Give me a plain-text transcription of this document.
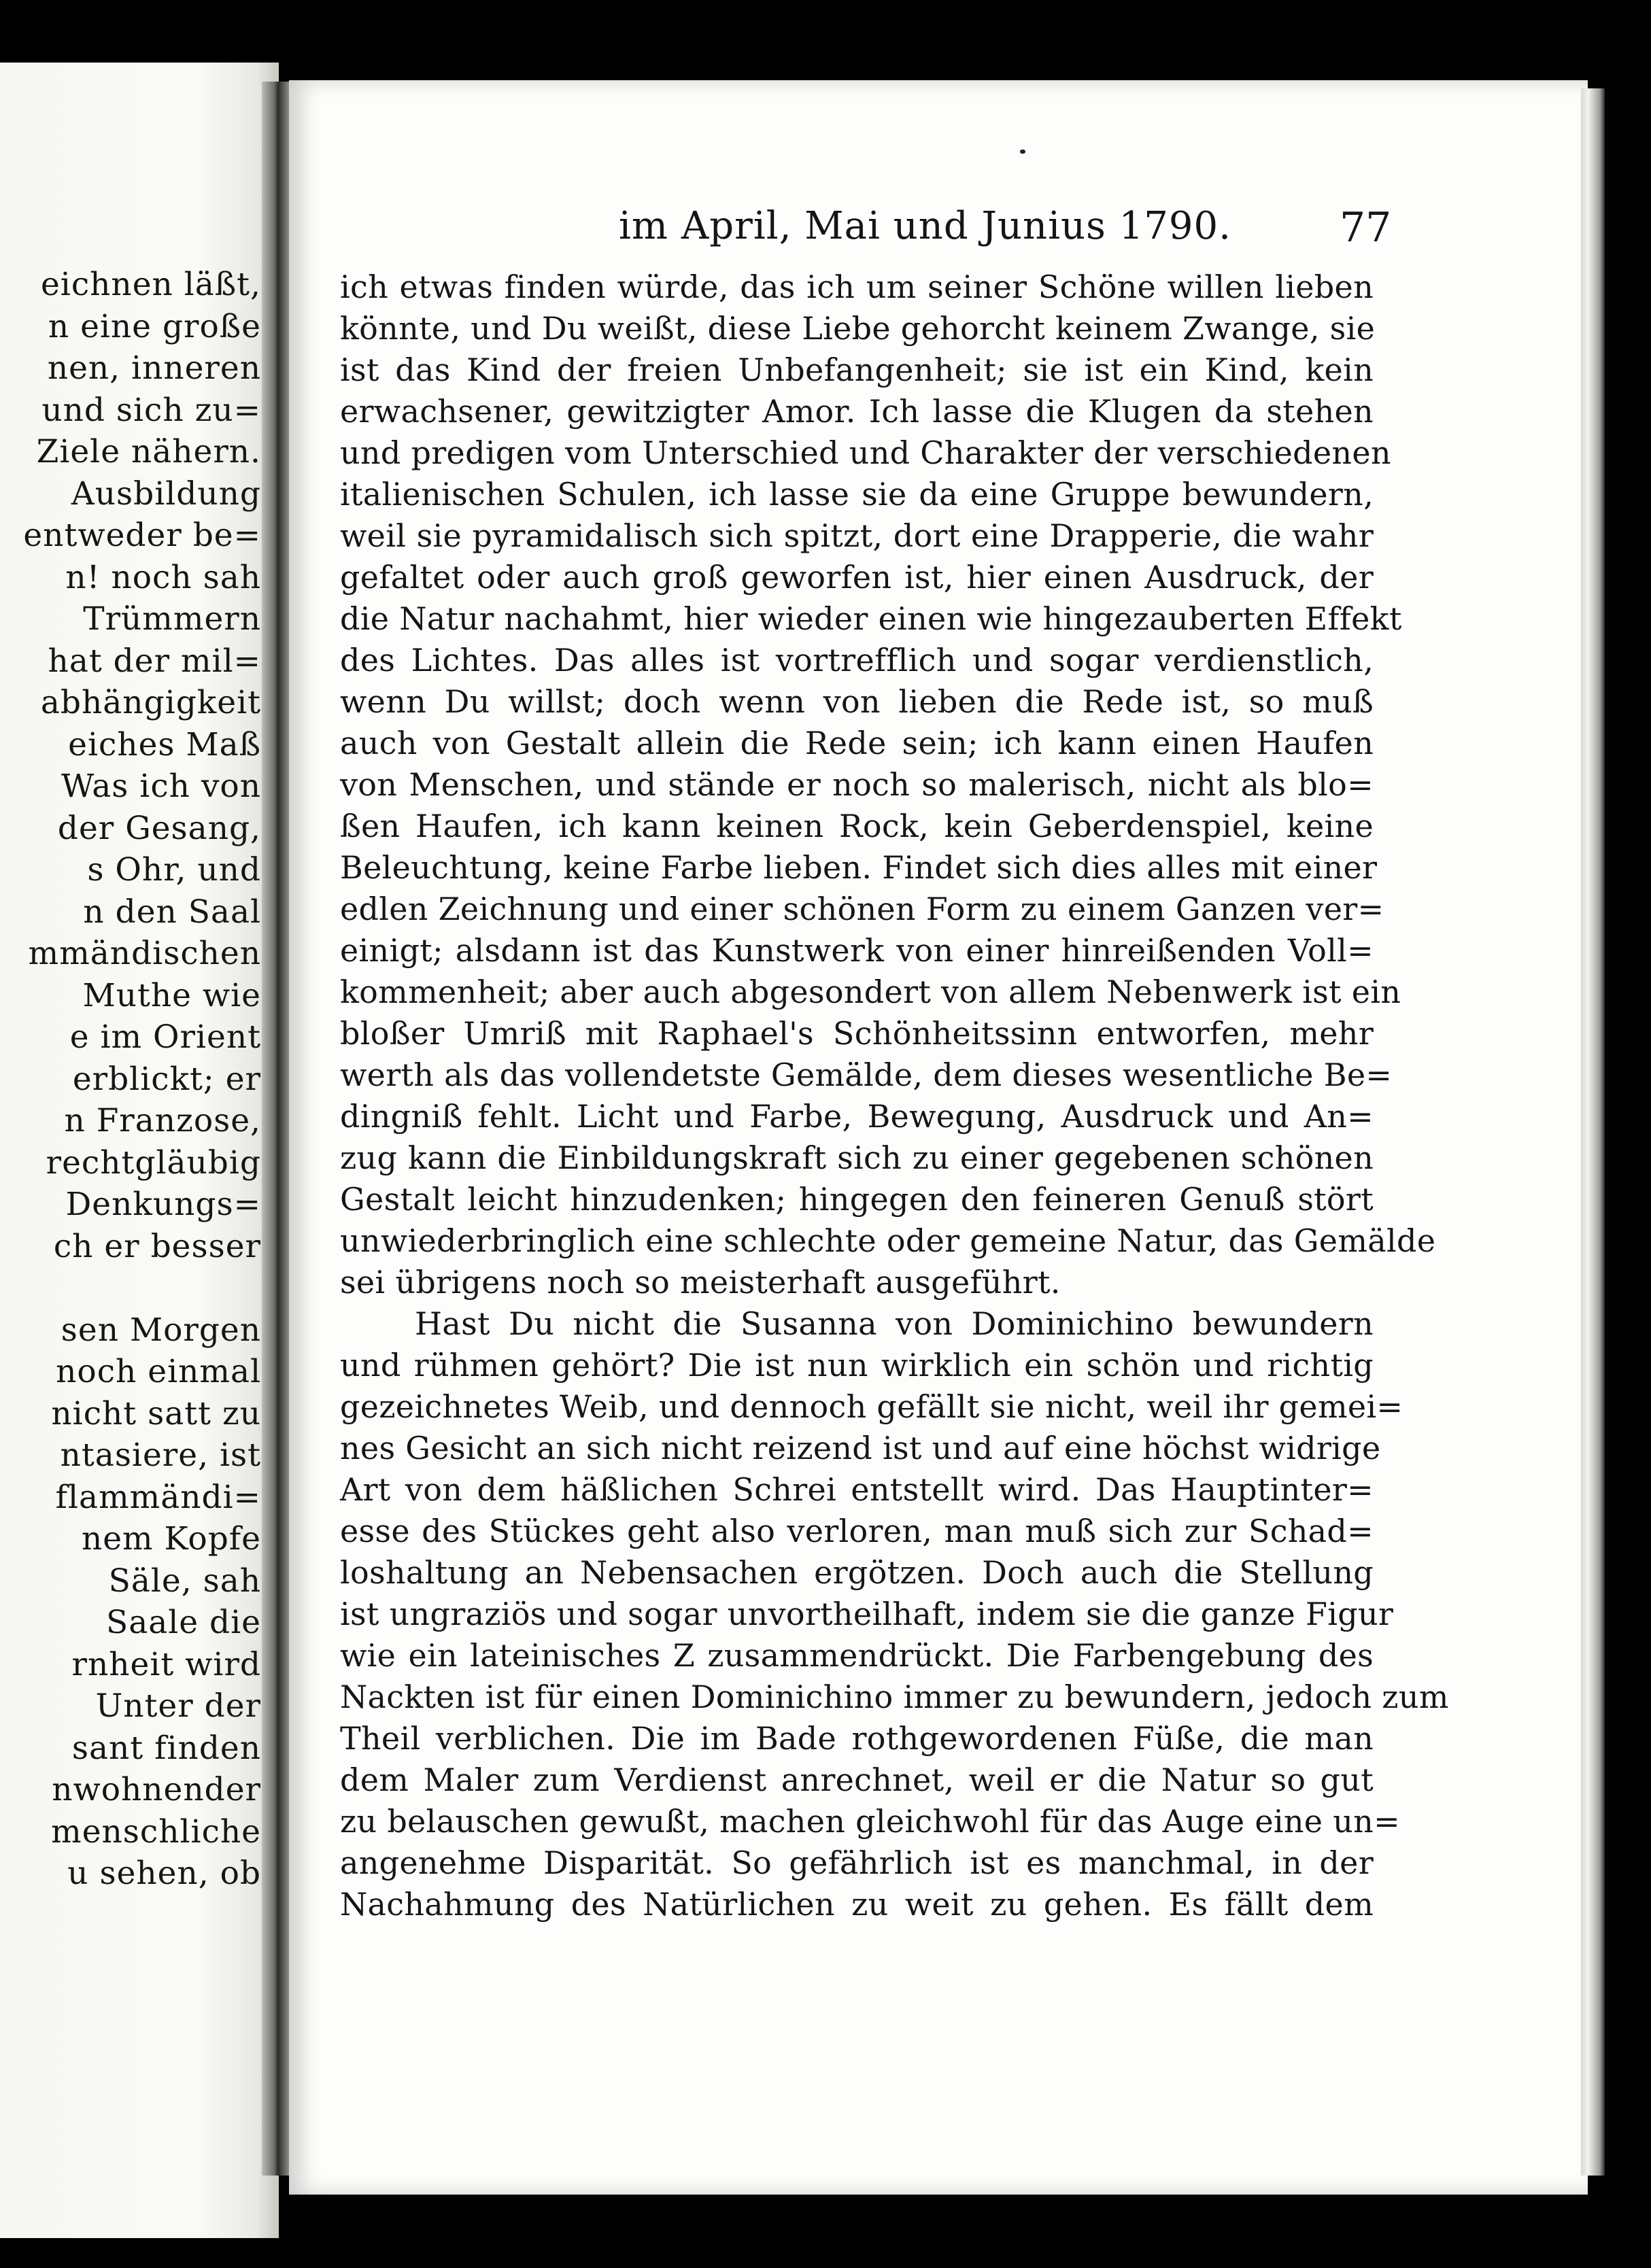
eichnen läßt,
n eine große
nen, inneren
und sich zu=
Ziele nähern.
Ausbildung
entweder be=
n! noch sah
Trümmern
hat der mil=
abhängigkeit
eiches Maß
Was ich von
der Gesang,
s Ohr, und
n den Saal
mmändischen
Muthe wie
e im Orient
erblickt; er
n Franzose,
rechtgläubig
Denkungs=
ch er besser
sen Morgen
noch einmal
nicht satt zu
ntasiere, ist
flammändi=
nem Kopfe
Säle, sah
Saale die
rnheit wird
Unter der
sant finden
nwohnender
menschliche
u sehen, ob
im April, Mai und Junius 1790.	77
ich etwas finden würde, das ich um seiner Schöne willen lieben
könnte, und Du weißt, diese Liebe gehorcht keinem Zwange, sie
ist das Kind der freien Unbefangenheit; sie ist ein Kind, kein
erwachsener, gewitzigter Amor. Ich lasse die Klugen da stehen
und predigen vom Unterschied und Charakter der verschiedenen
italienischen Schulen, ich lasse sie da eine Gruppe bewundern,
weil sie pyramidalisch sich spitzt, dort eine Drapperie, die wahr
gefaltet oder auch groß geworfen ist, hier einen Ausdruck, der
die Natur nachahmt, hier wieder einen wie hingezauberten Effekt
des Lichtes. Das alles ist vortrefflich und sogar verdienstlich,
wenn Du willst; doch wenn von lieben die Rede ist, so muß
auch von Gestalt allein die Rede sein; ich kann einen Haufen
von Menschen, und stände er noch so malerisch, nicht als blo=
ßen Haufen, ich kann keinen Rock, kein Geberdenspiel, keine
Beleuchtung, keine Farbe lieben. Findet sich dies alles mit einer
edlen Zeichnung und einer schönen Form zu einem Ganzen ver=
einigt; alsdann ist das Kunstwerk von einer hinreißenden Voll=
kommenheit; aber auch abgesondert von allem Nebenwerk ist ein
bloßer Umriß mit Raphael's Schönheitssinn entworfen, mehr
werth als das vollendetste Gemälde, dem dieses wesentliche Be=
dingniß fehlt. Licht und Farbe, Bewegung, Ausdruck und An=
zug kann die Einbildungskraft sich zu einer gegebenen schönen
Gestalt leicht hinzudenken; hingegen den feineren Genuß stört
unwiederbringlich eine schlechte oder gemeine Natur, das Gemälde
sei übrigens noch so meisterhaft ausgeführt.
Hast Du nicht die Susanna von Dominichino bewundern
und rühmen gehört? Die ist nun wirklich ein schön und richtig
gezeichnetes Weib, und dennoch gefällt sie nicht, weil ihr gemei=
nes Gesicht an sich nicht reizend ist und auf eine höchst widrige
Art von dem häßlichen Schrei entstellt wird. Das Hauptinter=
esse des Stückes geht also verloren, man muß sich zur Schad=
loshaltung an Nebensachen ergötzen. Doch auch die Stellung
ist ungraziös und sogar unvortheilhaft, indem sie die ganze Figur
wie ein lateinisches Z zusammendrückt. Die Farbengebung des
Nackten ist für einen Dominichino immer zu bewundern, jedoch zum
Theil verblichen. Die im Bade rothgewordenen Füße, die man
dem Maler zum Verdienst anrechnet, weil er die Natur so gut
zu belauschen gewußt, machen gleichwohl für das Auge eine un=
angenehme Disparität. So gefährlich ist es manchmal, in der
Nachahmung des Natürlichen zu weit zu gehen. Es fällt dem
